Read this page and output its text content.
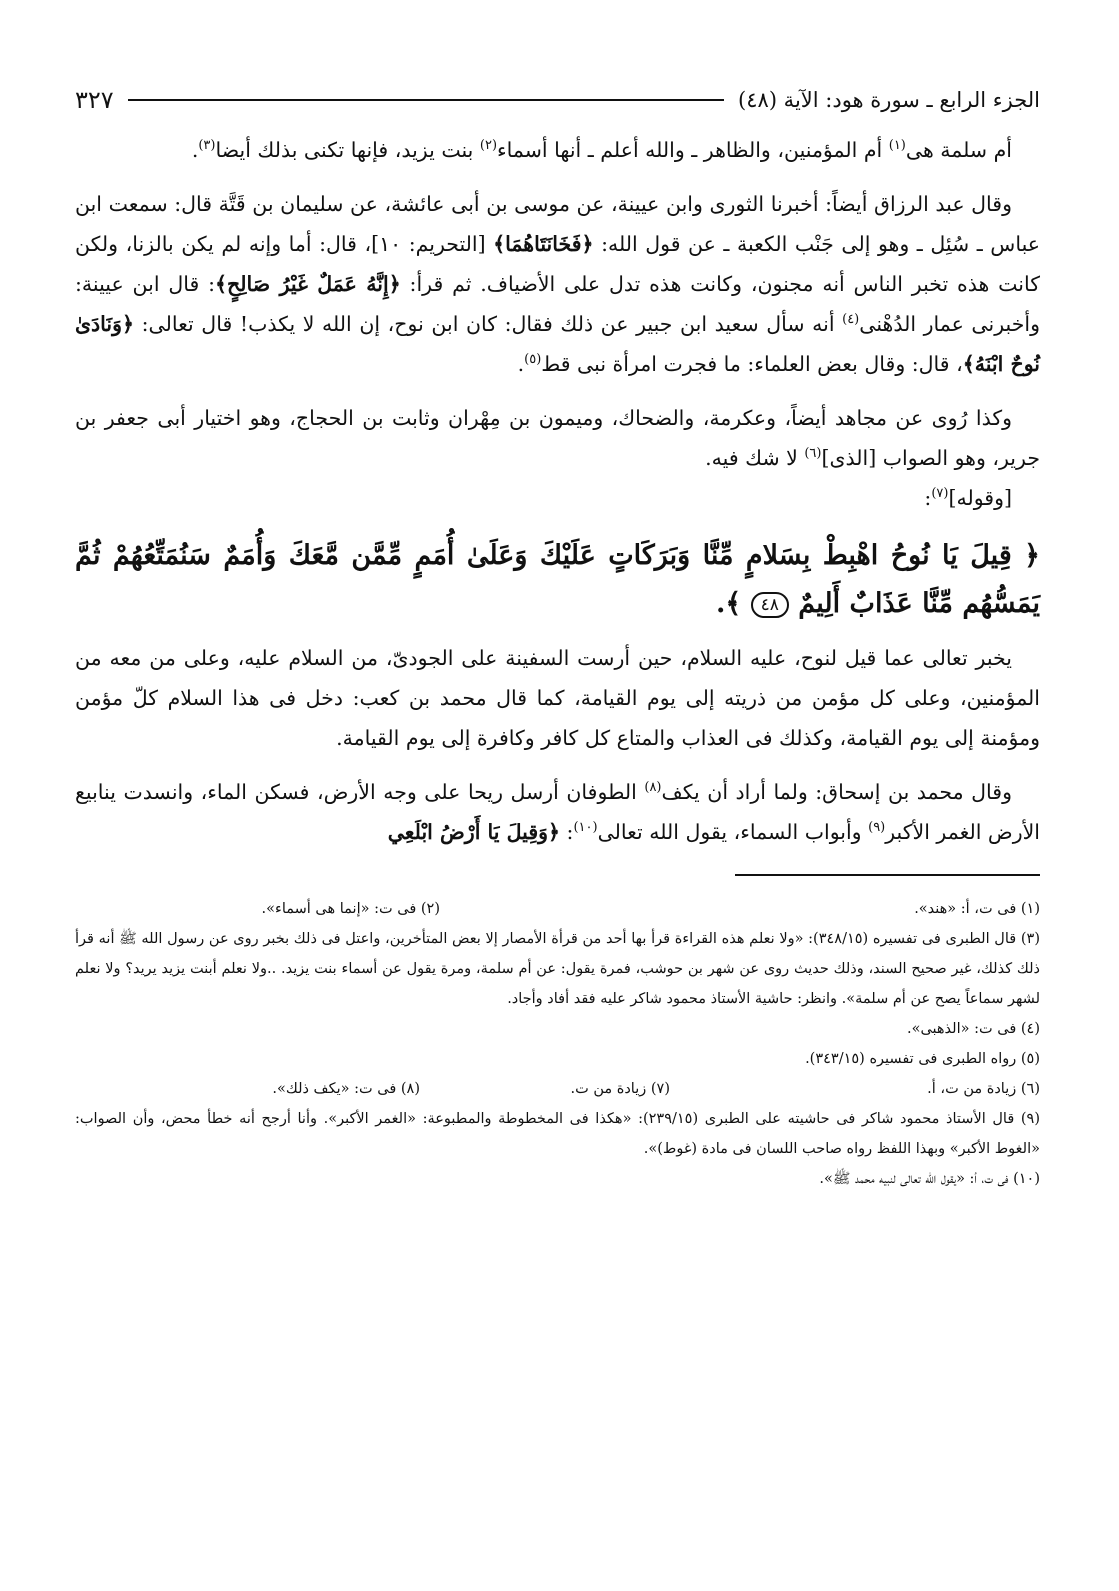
الجزء الرابع ـ سورة هود: الآية (٤٨)
٣٢٧

أم سلمة هى$^{(١)}$ أم المؤمنين، والظاهر ـ والله أعلم ـ أنها أسماء$^{(٢)}$ بنت يزيد، فإنها تكنى بذلك أيضا$^{(٣)}$.

وقال عبد الرزاق أيضاً: أخبرنا الثورى وابن عيينة، عن موسى بن أبى عائشة، عن سليمان بن قَتَّة قال: سمعت ابن عباس ـ سُئِل ـ وهو إلى جَنْب الكعبة ـ عن قول الله: ﴿فَخَانَتَاهُمَا﴾ [التحريم: ١٠]، قال: أما وإنه لم يكن بالزنا، ولكن كانت هذه تخبر الناس أنه مجنون، وكانت هذه تدل على الأضياف. ثم قرأ: ﴿إِنَّهُ عَمَلٌ غَيْرُ صَالِحٍ﴾: قال ابن عيينة: وأخبرنى عمار الدُهْنى$^{(٤)}$ أنه سأل سعيد ابن جبير عن ذلك فقال: كان ابن نوح، إن الله لا يكذب! قال تعالى: ﴿وَنَادَىٰ نُوحٌ ابْنَهُ﴾، قال: وقال بعض العلماء: ما فجرت امرأة نبى قط$^{(٥)}$.

وكذا رُوى عن مجاهد أيضاً، وعكرمة، والضحاك، وميمون بن مِهْران وثابت بن الحجاج، وهو اختيار أبى جعفر بن جرير، وهو الصواب [الذى]$^{(٦)}$ لا شك فيه.

[وقوله]$^{(٧)}$:

﴿ قِيلَ يَا نُوحُ اهْبِطْ بِسَلامٍ مِّنَّا وَبَرَكَاتٍ عَلَيْكَ وَعَلَىٰ أُمَمٍ مِّمَّن مَّعَكَ وَأُمَمٌ سَنُمَتِّعُهُمْ ثُمَّ يَمَسُّهُم مِّنَّا عَذَابٌ أَلِيمٌ ٤٨ ﴾.

يخبر تعالى عما قيل لنوح، عليه السلام، حين أرست السفينة على الجودىّ، من السلام عليه، وعلى من معه من المؤمنين، وعلى كل مؤمن من ذريته إلى يوم القيامة، كما قال محمد بن كعب: دخل فى هذا السلام كلّ مؤمن ومؤمنة إلى يوم القيامة، وكذلك فى العذاب والمتاع كل كافر وكافرة إلى يوم القيامة.

وقال محمد بن إسحاق: ولما أراد أن يكف$^{(٨)}$ الطوفان أرسل ريحا على وجه الأرض، فسكن الماء، وانسدت ينابيع الأرض الغمر الأكبر$^{(٩)}$ وأبواب السماء، يقول الله تعالى$^{(١٠)}$: ﴿وَقِيلَ يَا أَرْضُ ابْلَعِي

(١) فى ت، أ: «هند».
(٢) فى ت: «إنما هى أسماء».

(٣) قال الطبرى فى تفسيره (٣٤٨/١٥): «ولا نعلم هذه القراءة قرأ بها أحد من قرأة الأمصار إلا بعض المتأخرين، واعتل فى ذلك بخبر روى عن رسول الله ﷺ أنه قرأ ذلك كذلك، غير صحيح السند، وذلك حديث روى عن شهر بن حوشب، فمرة يقول: عن أم سلمة، ومرة يقول عن أسماء بنت يزيد. ..ولا نعلم أبنت يزيد يريد؟ ولا نعلم لشهر سماعاً يصح عن أم سلمة». وانظر: حاشية الأستاذ محمود شاكر عليه فقد أفاد وأجاد.

(٤) فى ت: «الذهبى».

(٥) رواه الطبرى فى تفسيره (٣٤٣/١٥).

(٦) زيادة من ت، أ.
(٧) زيادة من ت.
(٨) فى ت: «يكف ذلك».

(٩) قال الأستاذ محمود شاكر فى حاشيته على الطبرى (٢٣٩/١٥): «هكذا فى المخطوطة والمطبوعة: «الغمر الأكبر». وأنا أرجح أنه خطأ محض، وأن الصواب: «الغوط الأكبر» وبهذا اللفظ رواه صاحب اللسان فى مادة (غوط)».

(١٠) فى ت، أ: «يقول الله تعالى لنبيه محمد ﷺ».
